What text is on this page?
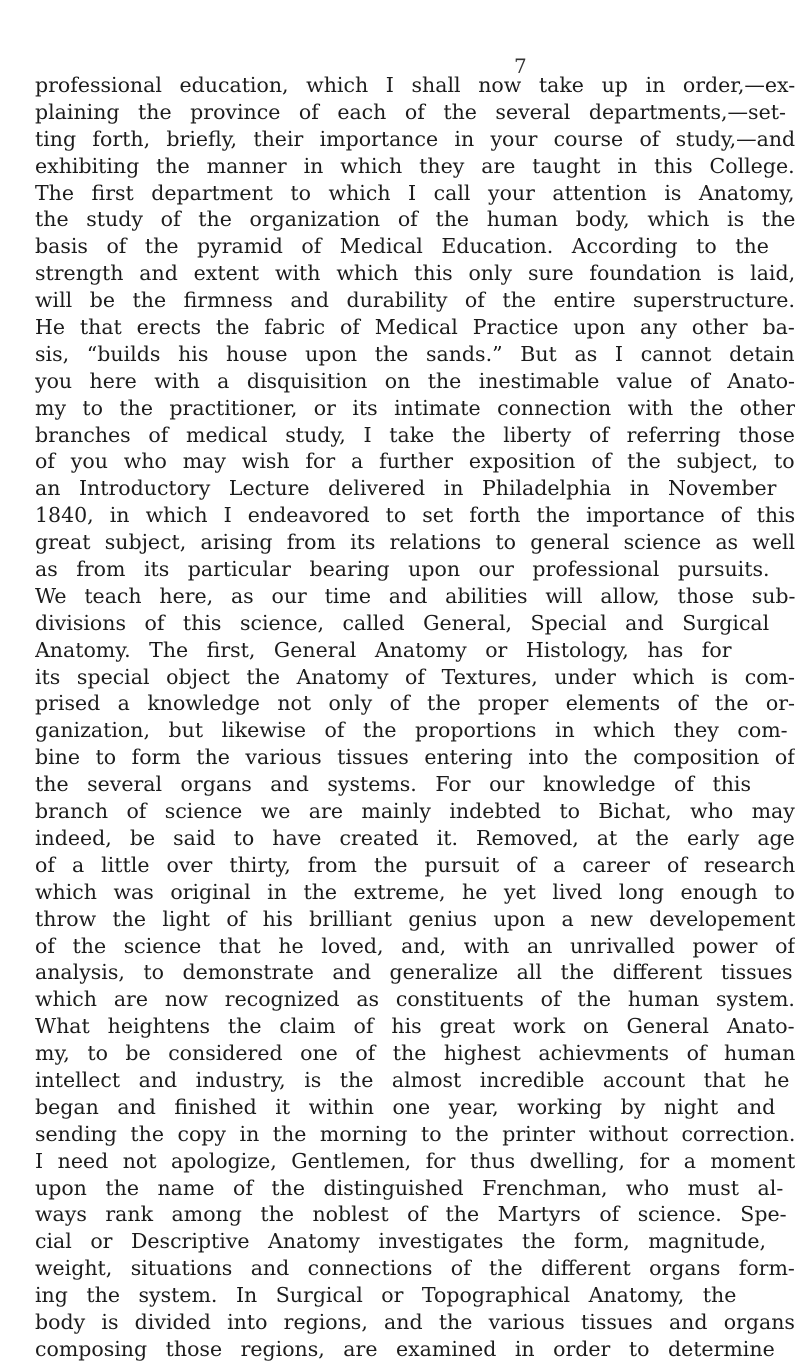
7
professional education, which I shall now take up in order,—ex-
plaining the province of each of the several departments,—set-
ting forth, briefly, their importance in your course of study,—and
exhibiting the manner in which they are taught in this College.
The first department to which I call your attention is Anatomy,
the study of the organization of the human body, which is the
basis of the pyramid of Medical Education. According to the
strength and extent with which this only sure foundation is laid,
will be the firmness and durability of the entire superstructure.
He that erects the fabric of Medical Practice upon any other ba-
sis, “builds his house upon the sands.” But as I cannot detain
you here with a disquisition on the inestimable value of Anato-
my to the practitioner, or its intimate connection with the other
branches of medical study, I take the liberty of referring those
of you who may wish for a further exposition of the subject, to
an Introductory Lecture delivered in Philadelphia in November
1840, in which I endeavored to set forth the importance of this
great subject, arising from its relations to general science as well
as from its particular bearing upon our professional pursuits.
We teach here, as our time and abilities will allow, those sub-
divisions of this science, called General, Special and Surgical
Anatomy. The first, General Anatomy or Histology, has for
its special object the Anatomy of Textures, under which is com-
prised a knowledge not only of the proper elements of the or-
ganization, but likewise of the proportions in which they com-
bine to form the various tissues entering into the composition of
the several organs and systems. For our knowledge of this
branch of science we are mainly indebted to Bichat, who may
indeed, be said to have created it. Removed, at the early age
of a little over thirty, from the pursuit of a career of research
which was original in the extreme, he yet lived long enough to
throw the light of his brilliant genius upon a new developement
of the science that he loved, and, with an unrivalled power of
analysis, to demonstrate and generalize all the different tissues
which are now recognized as constituents of the human system.
What heightens the claim of his great work on General Anato-
my, to be considered one of the highest achievments of human
intellect and industry, is the almost incredible account that he
began and finished it within one year, working by night and
sending the copy in the morning to the printer without correction.
I need not apologize, Gentlemen, for thus dwelling, for a moment
upon the name of the distinguished Frenchman, who must al-
ways rank among the noblest of the Martyrs of science. Spe-
cial or Descriptive Anatomy investigates the form, magnitude,
weight, situations and connections of the different organs form-
ing the system. In Surgical or Topographical Anatomy, the
body is divided into regions, and the various tissues and organs
composing those regions, are examined in order to determine
